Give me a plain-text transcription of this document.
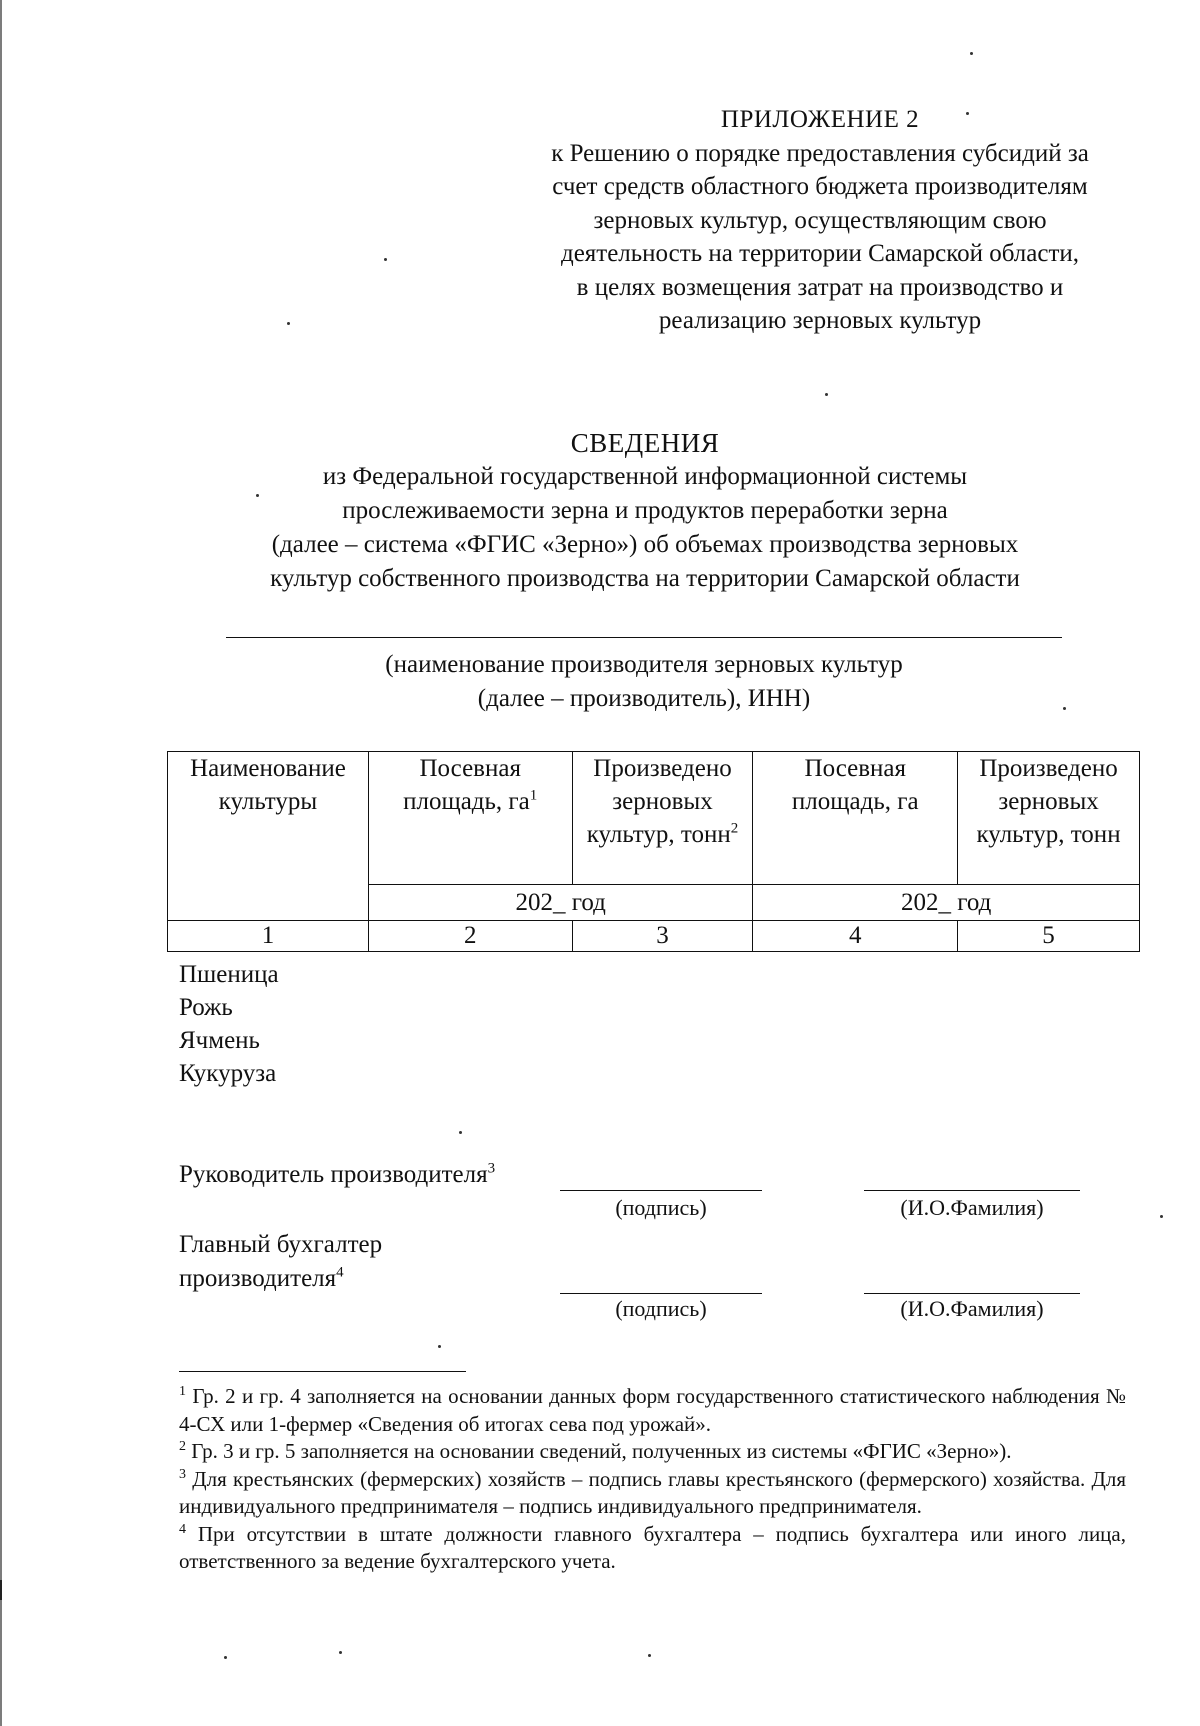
ПРИЛОЖЕНИЕ 2
к Решению о порядке предоставления субсидий за
счет средств областного бюджета производителям
зерновых культур, осуществляющим свою
деятельность на территории Самарской области,
в целях возмещения затрат на производство и
реализацию зерновых культур
СВЕДЕНИЯ
из Федеральной государственной информационной системы
прослеживаемости зерна и продуктов переработки зерна
(далее – система «ФГИС «Зерно») об объемах производства зерновых
культур собственного производства на территории Самарской области
(наименование производителя зерновых культур
(далее – производитель), ИНН)
Наименование культуры	Посевная площадь, $га^1$	Произведено зерновых культур, тонн$^2$	Посевная площадь, га	Произведено зерновых культур, тонн
	202_ год		202_ год	
1	2	3	4	5
Пшеница
Рожь
Ячмень
Кукуруза
Руководитель производителя$^3$
Главный бухгалтер
производителя$^4$
(подпись)	(И.О.Фамилия)
(подпись)	(И.О.Фамилия)

$^1$ Гр. 2 и гр. 4 заполняется на основании данных форм государственного статистического наблюдения № 4-СХ или 1-фермер «Сведения об итогах сева под урожай».

$^2$ Гр. 3 и гр. 5 заполняется на основании сведений, полученных из системы «ФГИС «Зерно»).

$^3$ Для крестьянских (фермерских) хозяйств – подпись главы крестьянского (фермерского) хозяйства. Для индивидуального предпринимателя – подпись индивидуального предпринимателя.

$^4$ При отсутствии в штате должности главного бухгалтера – подпись бухгалтера или иного лица, ответственного за ведение бухгалтерского учета.
